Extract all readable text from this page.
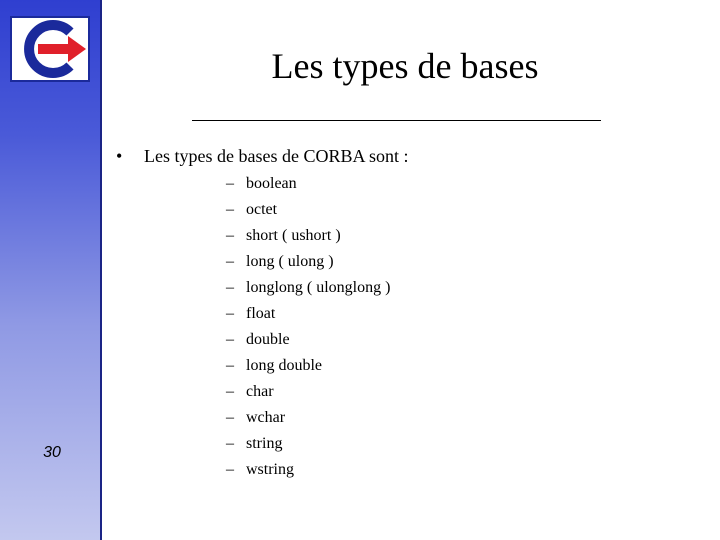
30
Les types de bases
• Les types de bases de CORBA sont :
– boolean
– octet
– short ( ushort )
– long ( ulong )
– longlong ( ulonglong )
– float
– double
– long double
– char
– wchar
– string
– wstring
